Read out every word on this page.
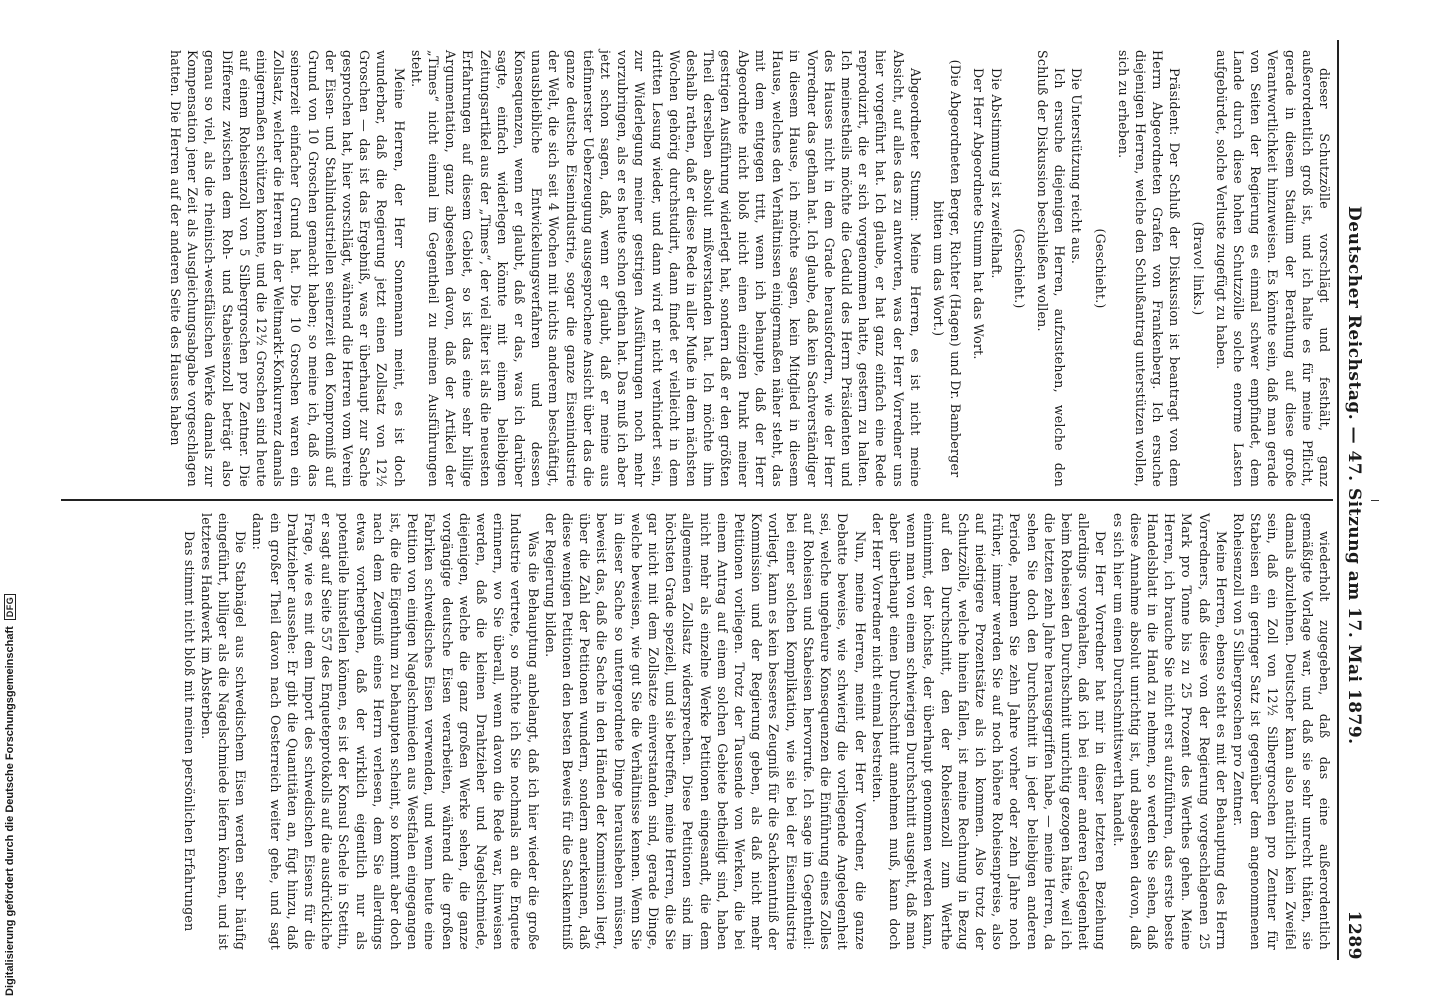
Deutscher Reichstag. — 47. Sitzung am 17. Mai 1879.
1289

dieser Schutzzölle vorschlägt und festhält, ganz außerordentlich groß ist, und ich halte es für meine Pflicht, gerade in diesem Stadium der Berathung auf diese große Verantwortlichkeit hinzuweisen. Es könnte sein, daß man gerade von Seiten der Regierung es einmal schwer empfindet, dem Lande durch diese hohen Schutzzölle solche enorme Lasten aufgebürdet, solche Verluste zugefügt zu haben.

(Bravo! links.)

Präsident: Der Schluß der Diskussion ist beantragt von dem Herrn Abgeordneten Grafen von Frankenberg. Ich ersuche diejenigen Herren, welche den Schlußantrag unterstützen wollen, sich zu erheben.

(Geschieht.)

Die Unterstützung reicht aus.

Ich ersuche diejenigen Herren, aufzustehen, welche den Schluß der Diskussion beschließen wollen.

(Geschieht.)

Die Abstimmung ist zweifelhaft.

Der Herr Abgeordnete Stumm hat das Wort.

(Die Abgeordneten Berger, Richter (Hagen) und Dr. Bamberger bitten um das Wort.)

Abgeordneter Stumm: Meine Herren, es ist nicht meine Absicht, auf alles das zu antworten, was der Herr Vorredner uns hier vorgeführt hat. Ich glaube, er hat ganz einfach eine Rede reproduzirt, die er sich vorgenommen hatte, gestern zu halten. Ich meinestheils möchte die Geduld des Herrn Präsidenten und des Hauses nicht in dem Grade herausfordern, wie der Herr Vorredner das gethan hat. Ich glaube, daß kein Sachverständiger in diesem Hause, ich möchte sagen, kein Mitglied in diesem Hause, welches den Verhältnissen einigermaßen näher steht, das mit dem entgegen tritt, wenn ich behaupte, daß der Herr Abgeordnete nicht bloß nicht einen einzigen Punkt meiner gestrigen Ausführung widerlegt hat, sondern daß er den größten Theil derselben absolut mißverstanden hat. Ich möchte ihm deshalb rathen, daß er diese Rede in aller Muße in dem nächsten Wochen gehörig durchstudirt, dann findet er vielleicht in dem dritten Lesung wieder, und dann wird er nicht verhindert sein, zur Widerlegung meiner gestrigen Ausführungen noch mehr vorzubringen, als er es heute schon gethan hat. Das muß ich aber jetzt schon sagen, daß, wenn er glaubt, daß er meine aus tiefinnerster Ueberzeugung ausgesprochene Ansicht über das die ganze deutsche Eisenindustrie, sogar die ganze Eisenindustrie der Welt, die sich seit 4 Wochen mit nichts anderem beschäftigt, unausbleibliche Entwickelungsverfahren und dessen Konsequenzen, wenn er glaubt, daß er das, was ich darüber sagte, einfach widerlegen könnte mit einem beliebigen Zeitungsartikel aus der „Times“, der viel älter ist als die neuesten Erfahrungen auf diesem Gebiet, so ist das eine sehr billige Argumentation, ganz abgesehen davon, daß der Artikel der „Times“ nicht einmal im Gegentheil zu meinen Ausführungen steht.

Meine Herren, der Herr Sonnemann meint, es ist doch wunderbar, daß die Regierung jetzt einen Zollsatz von 12½ Groschen — das ist das Ergebniß, was er überhaupt zur Sache gesprochen hat, hier vorschlägt, während die Herren vom Verein der Eisen- und Stahlindustriellen seinerzeit den Kompromiß auf Grund von 10 Groschen gemacht haben; so meine ich, daß das seinerzeit einfacher Grund hat. Die 10 Groschen waren ein Zollsatz, welcher die Herren in der Weltmarkt-Konkurrenz damals einigermaßen schützen konnte, und die 12½ Groschen sind heute auf einem Roheisenzoll von 5 Silbergroschen pro Zentner. Die Differenz zwischen dem Roh- und Stabeisenzoll beträgt also genau so viel, als die rheinisch-westfälischen Werke damals zur Kompensation jener Zeit als Ausgleichungsabgabe vorgeschlagen hatten. Die Herren auf der anderen Seite des Hauses haben

wiederholt zugegeben, daß das eine außerordentlich gemäßigte Vorlage war, und daß sie sehr unrecht thäten, sie damals abzulehnen. Deutscher kann also natürlich kein Zweifel sein, daß ein Zoll von 12½ Silbergroschen pro Zentner für Stabeisen ein geringer Satz ist gegenüber dem angenommenen Roheisenzoll von 5 Silbergroschen pro Zentner.

Meine Herren, ebenso steht es mit der Behauptung des Herrn Vorredners, daß diese von der Regierung vorgeschlagenen 25 Mark pro Tonne bis zu 25 Prozent des Werthes gehen. Meine Herren, ich brauche Sie nicht erst aufzuführen, das erste beste Handelsblatt in die Hand zu nehmen, so werden Sie sehen, daß diese Annahme absolut unrichtig ist, und abgesehen davon, daß es sich hier um einen Durchschnittswerth handelt.

Der Herr Vorredner hat mir in dieser letzteren Beziehung allerdings vorgehalten, daß ich bei einer anderen Gelegenheit beim Roheisen den Durchschnitt unrichtig gezogen hätte, weil ich die letzten zehn Jahre herausgegriffen habe, — meine Herren, da sehen Sie doch den Durchschnitt in jeder beliebigen anderen Periode, nehmen Sie zehn Jahre vorher oder zehn Jahre noch früher, immer werden Sie auf noch höhere Roheisenpreise, also auf niedrigere Prozentsätze als ich kommen. Also trotz der Schutzzölle, welche hinein fallen, ist meine Rechnung in Bezug auf den Durchschnitt, den der Roheisenzoll zum Werthe einnimmt, der höchste, der überhaupt genommen werden kann, wenn man von einem schwierigen Durchschnitt ausgeht, daß man aber überhaupt einen Durchschnitt annehmen muß, kann doch der Herr Vorredner nicht einmal bestreiten.

Nun, meine Herren, meint der Herr Vorredner, die ganze Debatte beweise, wie schwierig die vorliegende Angelegenheit sei, welche ungeheure Konsequenzen die Einführung eines Zolles auf Roheisen und Stabeisen hervorrufe. Ich sage im Gegentheil: bei einer solchen Komplikation, wie sie bei der Eisenindustrie vorliegt, kann es kein besseres Zeugniß für die Sachkenntniß der Kommission und der Regierung geben, als daß nicht mehr Petitionen vorliegen. Trotz der Tausende von Werken, die bei einem Antrag auf einem solchen Gebiete betheiligt sind, haben nicht mehr als einzelne Werke Petitionen eingesandt, die dem allgemeinen Zollsatz widersprechen. Diese Petitionen sind im höchsten Grade speziell, und sie betreffen, meine Herren, die Sie gar nicht mit dem Zollsatze einverstanden sind, gerade Dinge, welche beweisen, wie gut Sie die Verhältnisse kennen. Wenn Sie in dieser Sache so untergeordnete Dinge herausheben müssen, beweist das, daß die Sache in den Händen der Kommission liegt, über die Zahl der Petitionen wundern, sondern anerkennen, daß diese wenigen Petitionen den besten Beweis für die Sachkenntniß der Regierung bilden.

Was die Behauptung anbelangt, daß ich hier wieder die große Industrie vertrete, so möchte ich Sie nochmals an die Enquete erinnern, wo Sie überall, wenn davon die Rede war, hinweisen werden, daß die kleinen Drahtzieher und Nagelschmiede, diejenigen, welche die ganz großen Werke sehen, die ganze vorgängige deutsche Eisen verarbeiten, während die großen Fabriken schwedisches Eisen verwenden, und wenn heute eine Petition von einigen Nagelschmieden aus Westfalen eingegangen ist, die die Eigenthum zu behaupten scheint, so kommt aber doch nach dem Zeugniß eines Herrn verlesen, dem Sie allerdings etwas vorhergehen, daß der wirklich eigentlich nur als potentielle hinstellen können, es ist der Konsul Schele in Stettin, er sagt auf Seite 557 des Enqueteprotokolls auf die ausdrückliche Frage, wie es mit dem Import des schwedischen Eisens für die Drahtzieher aussehe: Er gibt die Quantitäten an, fügt hinzu, daß ein großer Theil davon nach Oesterreich weiter gehe, und sagt dann:

Die Stabnägel aus schwedischem Eisen werden sehr häufig eingeführt, billiger als die Nagelschmiede liefern können, und ist letzteres Handwerk im Absterben.

Das stimmt nicht bloß mit meinen persönlichen Erfahrungen

Digitalisierung gefördert durch die Deutsche Forschungsgemeinschaft
DFG
